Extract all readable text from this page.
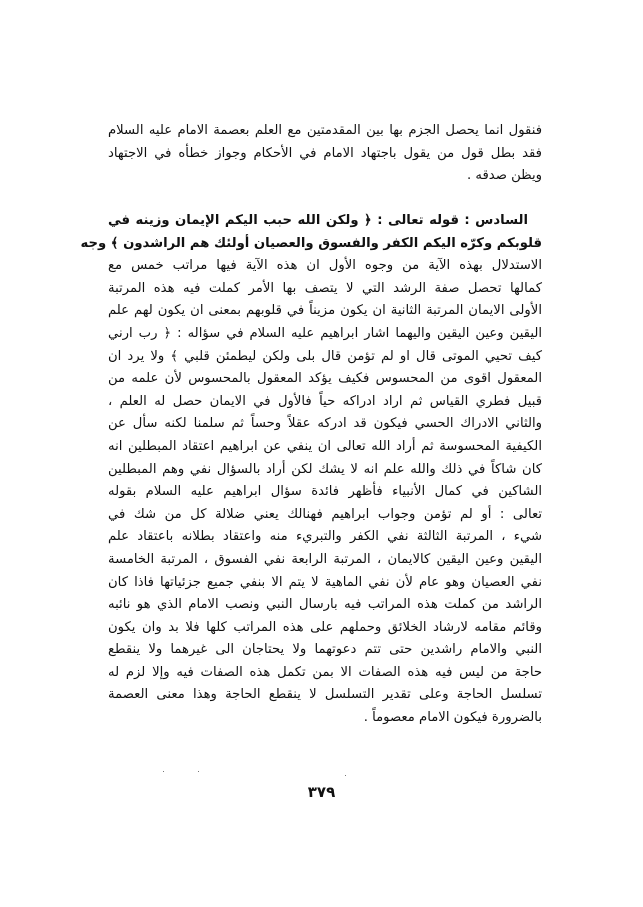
فنقول انما يحصل الجزم بها بين المقدمتين مع العلم بعصمة الامام عليه السلام
فقد بطل قول من يقول باجتهاد الامام في الأحكام وجواز خطأه في الاجتهاد
ويظن صدقه .
السادس : قوله تعالى : ﴿ ولكن الله حبب اليكم الإيمان وزينه في
قلوبكم وكرّه اليكم الكفر والفسوق والعصيان أولئك هم الراشدون ﴾ وجه
الاستدلال بهذه الآية من وجوه الأول ان هذه الآية فيها مراتب خمس مع
كمالها تحصل صفة الرشد التي لا يتصف بها الأمر كملت فيه هذه المرتبة
الأولى الايمان المرتبة الثانية ان يكون مزيناً في قلوبهم بمعنى ان يكون لهم علم
اليقين وعين اليقين واليهما اشار ابراهيم عليه السلام في سؤاله : ﴿ رب ارني
كيف تحيي الموتى قال او لم تؤمن قال بلى ولكن ليطمئن قلبي ﴾ ولا يرد ان
المعقول اقوى من المحسوس فكيف يؤكد المعقول بالمحسوس لأن علمه من
قبيل فطري القياس ثم اراد ادراكه حياً فالأول في الايمان حصل له العلم ،
والثاني الادراك الحسي فيكون قد ادركه عقلاً وحساً ثم سلمنا لكنه سأل عن
الكيفية المحسوسة ثم أراد الله تعالى ان ينفي عن ابراهيم اعتقاد المبطلين انه
كان شاكاً في ذلك والله علم انه لا يشك لكن أراد بالسؤال نفي وهم المبطلين
الشاكين في كمال الأنبياء فأظهر فائدة سؤال ابراهيم عليه السلام بقوله
تعالى : أو لم تؤمن وجواب ابراهيم فهنالك يعني ضلالة كل من شك في
شيء ، المرتبة الثالثة نفي الكفر والتبريء منه واعتقاد بطلانه باعتقاد علم
اليقين وعين اليقين كالايمان ، المرتبة الرابعة نفي الفسوق ، المرتبة الخامسة
نفي العصيان وهو عام لأن نفي الماهية لا يتم الا بنفي جميع جزئياتها فاذا كان
الراشد من كملت هذه المراتب فيه بارسال النبي ونصب الامام الذي هو نائبه
وقائم مقامه لارشاد الخلائق وحملهم على هذه المراتب كلها فلا بد وان يكون
النبي والامام راشدين حتى تتم دعوتهما ولا يحتاجان الى غيرهما ولا ينقطع
حاجة من ليس فيه هذه الصفات الا بمن تكمل هذه الصفات فيه وإلا لزم له
تسلسل الحاجة وعلى تقدير التسلسل لا ينقطع الحاجة وهذا معنى العصمة
بالضرورة فيكون الامام معصوماً .
٣٧٩
